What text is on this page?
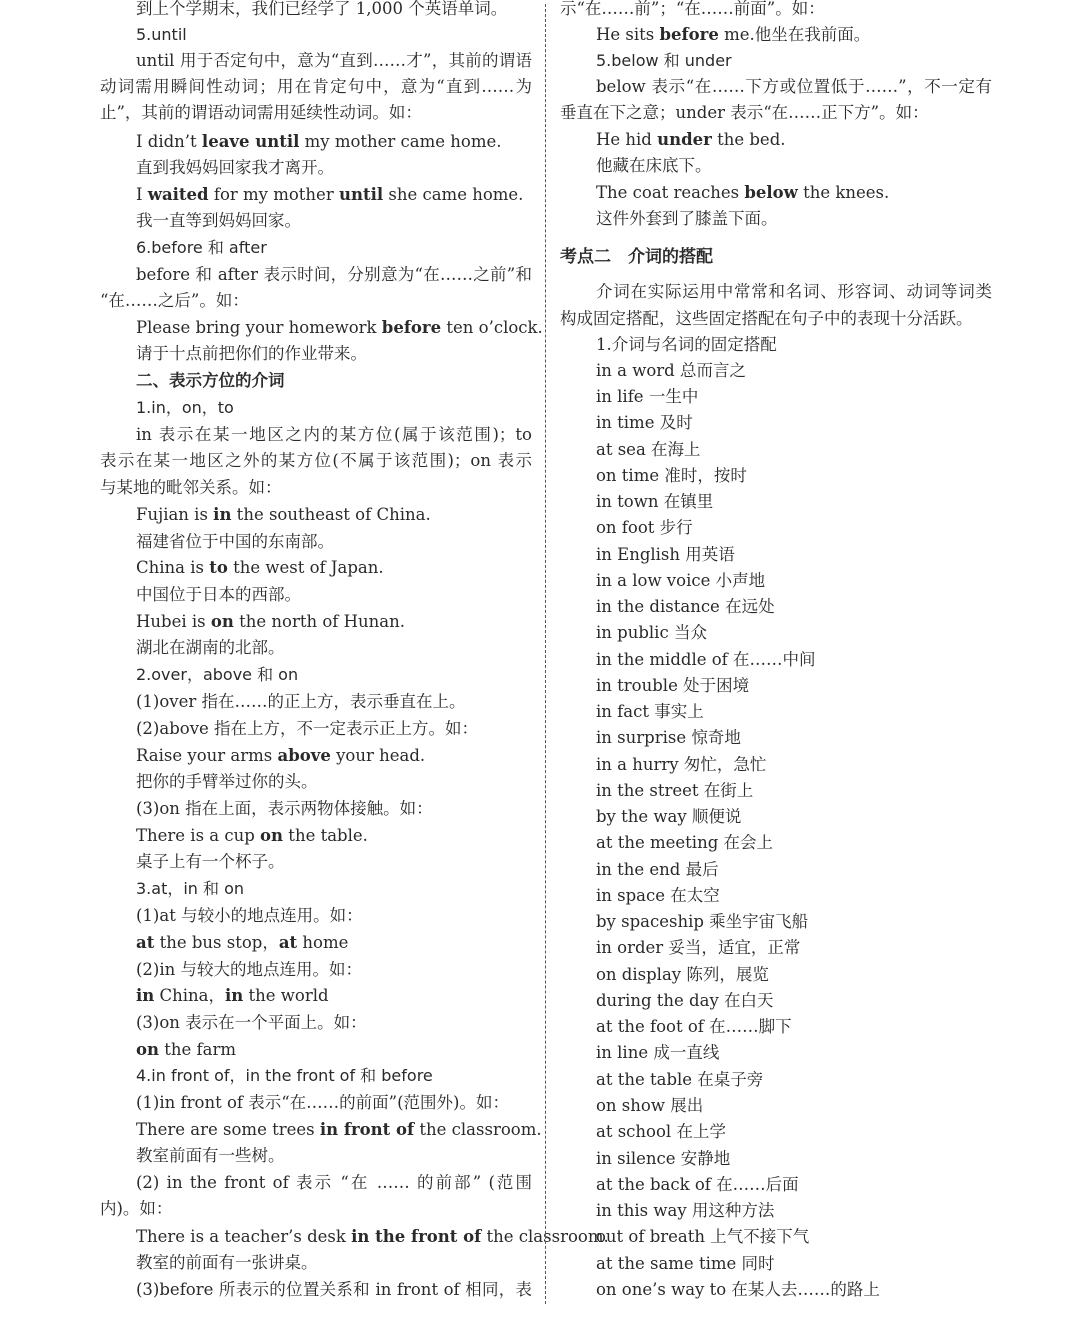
到上个学期末，我们已经学了 1,000 个英语单词。
5.until
until 用于否定句中，意为“直到……才”，其前的谓语
动词需用瞬间性动词；用在肯定句中，意为“直到……为
止”，其前的谓语动词需用延续性动词。如：
I didn’t leave until my mother came home.
直到我妈妈回家我才离开。
I waited for my mother until she came home.
我一直等到妈妈回家。
6.before 和 after
before 和 after 表示时间，分别意为“在……之前”和
“在……之后”。如：
Please bring your homework before ten o’clock.
请于十点前把你们的作业带来。
二、表示方位的介词
1.in，on，to
in 表示在某一地区之内的某方位(属于该范围)；to
表示在某一地区之外的某方位(不属于该范围)；on 表示
与某地的毗邻关系。如：
Fujian is in the southeast of China.
福建省位于中国的东南部。
China is to the west of Japan.
中国位于日本的西部。
Hubei is on the north of Hunan.
湖北在湖南的北部。
2.over，above 和 on
(1)over 指在……的正上方，表示垂直在上。
(2)above 指在上方，不一定表示正上方。如：
Raise your arms above your head.
把你的手臂举过你的头。
(3)on 指在上面，表示两物体接触。如：
There is a cup on the table.
桌子上有一个杯子。
3.at，in 和 on
(1)at 与较小的地点连用。如：
at the bus stop，at home
(2)in 与较大的地点连用。如：
in China，in the world
(3)on 表示在一个平面上。如：
on the farm
4.in front of，in the front of 和 before
(1)in front of 表示“在……的前面”(范围外)。如：
There are some trees in front of the classroom.
教室前面有一些树。
(2) in the front of 表示 “在 …… 的前部” (范围
内)。如：
There is a teacher’s desk in the front of the classroom.
教室的前面有一张讲桌。
(3)before 所表示的位置关系和 in front of 相同，表
示“在……前”；“在……前面”。如：
He sits before me.他坐在我前面。
5.below 和 under
below 表示“在……下方或位置低于……”，不一定有
垂直在下之意；under 表示“在……正下方”。如：
He hid under the bed.
他藏在床底下。
The coat reaches below the knees.
这件外套到了膝盖下面。
考点二　介词的搭配
介词在实际运用中常常和名词、形容词、动词等词类
构成固定搭配，这些固定搭配在句子中的表现十分活跃。
1.介词与名词的固定搭配
in a word 总而言之
in life 一生中
in time 及时
at sea 在海上
on time 准时，按时
in town 在镇里
on foot 步行
in English 用英语
in a low voice 小声地
in the distance 在远处
in public 当众
in the middle of 在……中间
in trouble 处于困境
in fact 事实上
in surprise 惊奇地
in a hurry 匆忙，急忙
in the street 在街上
by the way 顺便说
at the meeting 在会上
in the end 最后
in space 在太空
by spaceship 乘坐宇宙飞船
in order 妥当，适宜，正常
on display 陈列，展览
during the day 在白天
at the foot of 在……脚下
in line 成一直线
at the table 在桌子旁
on show 展出
at school 在上学
in silence 安静地
at the back of 在……后面
in this way 用这种方法
out of breath 上气不接下气
at the same time 同时
on one’s way to 在某人去……的路上
